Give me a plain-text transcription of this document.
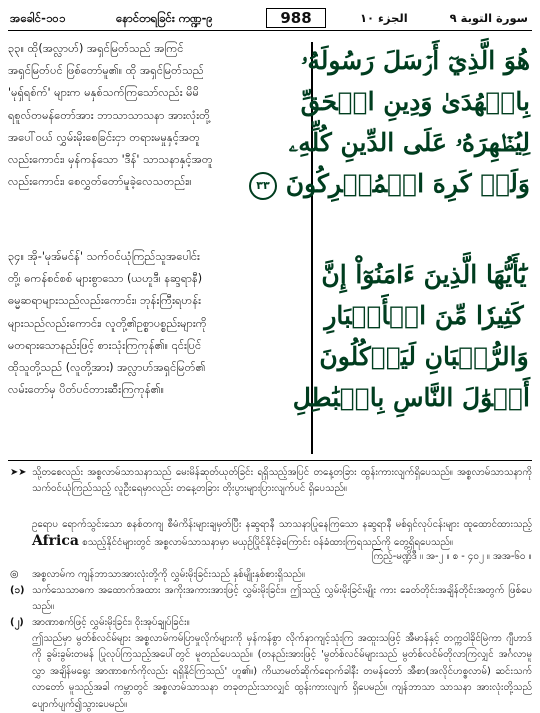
အခေါင်-၁၀၁	နောင်တရခြင်း ကဏ္ဍ-၉	988	الجزء ١٠	سورة التوبة ٩
၃၃။ ထို(အလ္လာဟ်) အရှင်မြတ်သည် အကြင်
အရှင်မြတ်ပင် ဖြစ်တော်မူ၏။ ထို အရှင်မြတ်သည်
'မုရှ်ရစ်က်' များက မနှစ်သက်ကြသော်လည်း မိမိ
ရစူလ်တမန်တော်အား ဘာသာသာသနာ အားလုံးတို့
အပေါ်ဝယ် လွှမ်းမိုးစေခြင်းငှာ တရားမမှုနှင့်အတူ
လည်းကောင်း၊ မှန်ကန်သော 'ဒီန်' သာသနာနှင့်အတူ
လည်းကောင်း၊ စေလွှတ်တော်မူခဲ့လေသတည်း။
၃၄။ အို-'မုအ်မင်န်' သက်ဝင်ယုံကြည်သူအပေါင်း
တို့၊ ဓကန်စင်စစ် များစွာသော (ယဟူဒီ၊ နဆ္ဒရာနီ)
ဓမ္မဆရာများသည်လည်းကောင်း၊ ဘုန်းကြီးရဟန်း
များသည်လည်းကောင်း၊ လူတို့၏ဥစ္စာပစ္စည်းများကို
မတရားသောနည်းဖြင့် စားသုံးကြကုန်၏။ ၎င်းပြင်
ထိုသူတို့သည် (လူတို့အား) အလ္လာဟ်အရှင်မြတ်၏
လမ်းတော်မှ ပိတ်ပင်တားဆီးကြကုန်၏။
هُوَ الَّذِيٓ أَرۡسَلَ رَسُولَهُۥ
بِالۡهُدَىٰ وَدِينِ الۡحَقِّ
لِيُظۡهِرَهُۥ عَلَى الدِّينِ كُلِّهِۦ
وَلَوۡ كَرِهَ الۡمُشۡرِكُونَ ٣٣
يَٰٓأَيُّهَا الَّذِينَ ءَامَنُوٓاْ إِنَّ
كَثِيرٗا مِّنَ الۡأَحۡبَارِ
وَالرُّهۡبَانِ لَيَأۡكُلُونَ
أَمۡوَٰلَ النَّاسِ بِالۡبَٰطِلِ
➤➤ သို့တစေလည်း အစ္စလာမ်သာသနာသည် မေးမိန်ဆုတ်ယုတ်ခြင်း ရရှိသည့်အပြင် တနေ့တခြား ထွန်းကားလျက်ရှိပေသည်။ အစ္စလာမ်သာသနာကို သက်ဝင်ယုံကြည်သည့် လူဦးရေမှာလည်း တနေ့တခြား တိုးပွားများပြားလျက်ပင် ရှိပေသည်။
ဥရောပ ရောက်သွင်းသော စနစ်တကျ စီမံကိန်းများချမှတ်ပြီး နဆ္ဒရာနီ သာသနာပြုနေကြသော နဆ္ဒရာနီ မစ်ရှင်လုပ်ငန်းများ ထူထောင်ထားသည့် Africa စသည့်နိုင်ငံများတွင် အစ္စလာမ်သာသနာမှာ မယှဉ်ပြိုင်နိုင်ခဲ့ကြောင်း ဝန်ခံထားကြရသည်ကို တွေ့ရှိရပေသည်။
ကြည့်-မဏ္ဍိဒီ ။ အ-၂ ။ စ - ၄၀၂ ။ အအ-၆၀ ။
◎ အစ္စလာမ်က ကျန်ဘာသာအားလုံးတို့ကို လွှမ်းမိုးခြင်းသည် နှစ်မျိုးနှစ်စားရှိသည်။
(၁) သက်သေသာဓက အထောက်အထား အကိုးအကားအားဖြင့် လွှမ်းမိုးခြင်း။ ဤသည့် လွှမ်းမိုးခြင်းမျိုး ကား ခေတ်တိုင်းအချိန်တိုင်းအတွက် ဖြစ်ပေသည်။
(၂) အာဏာစက်ဖြင့် လွှမ်းမိုးခြင်း၊ ဝိုးအုပ်ချုပ်ခြင်း။
ဤသည်မှာ မွတ်စ်လင်မ်များ အစ္စလာမ်ကမ်ပြာမှုလိုက်များကို မှန်ကန်စွာ လိုက်နာကျင့်သုံးကြ အထူးသဖြင့် အီမာန်နှင့် တက္ကဝါခိုင်မြဲကာ ဂျီဟာဒ်ကို ခွမ်းခွမ်းတမန် ပြုလုပ်ကြသည့်အပေါ်တွင် မူတည်ပေသည်။ (တနည်းအားဖြင့် 'မွတ်စ်လင်မ်များသည် မွတ်စ်လင်မ်တိုလာကြလျှင် အင်္ဂလာမူလွှာ အချိန်မရွေး အာဏာစက်ကိုလည်း ရရှိနိုင်ကြသည်' ဟူ၏။) ကိယာမတ်ဆိုက်ရောက်ခါနီး တမန်တော် အီစာ(အလိုင်ဟစ္စလာမ်) ဆင်းသက်လာတော် မူသည့်အခါ ကမ္ဘာတွင် အစ္စလာမ်သာသနာ တခုတည်းသာလျှင် ထွန်းကားလျက် ရှိပေမည်။ ကျန်ဘာသာ သာသနာ အားလုံးတို့သည် ပျောက်ပျက်၍သွားပေမည်။
